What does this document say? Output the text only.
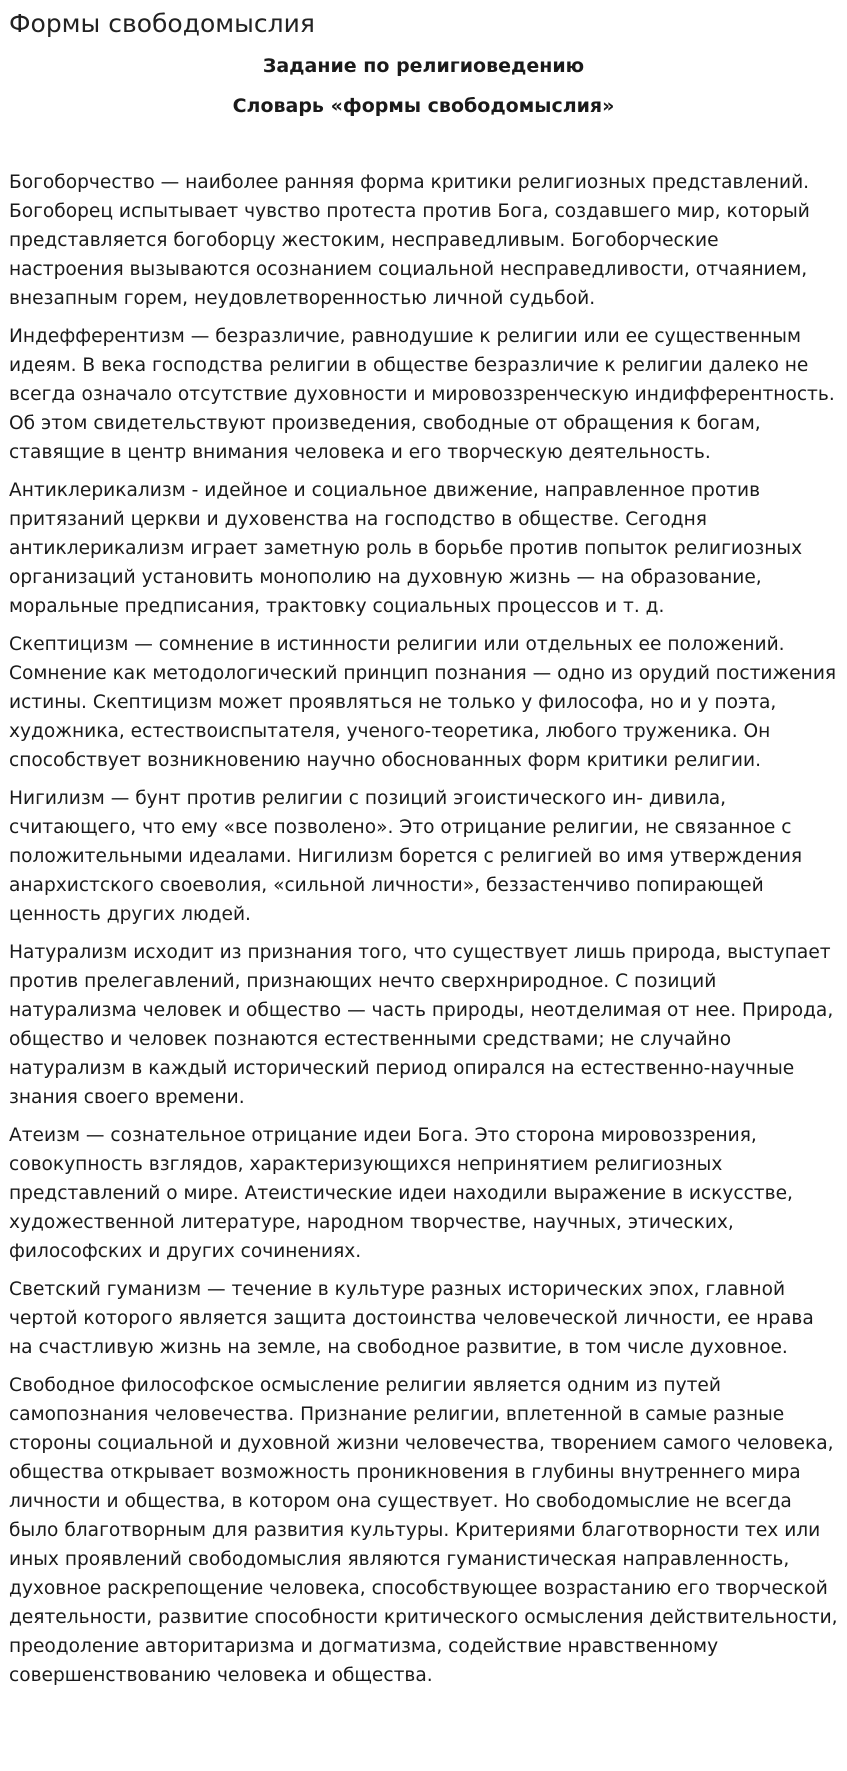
Формы свободомыслия

Задание по религиоведению

Словарь «формы свободомыслия»

Богоборчество — наиболее ранняя форма критики религиозных представлений. Богоборец испытывает чувство протеста против Бога, создавшего мир, который представляется богоборцу жестоким, несправедливым. Богоборческие настроения вызываются осознанием социальной несправедливости, отчаянием, внезапным горем, неудовлетворенностью личной судьбой.

Индефферентизм — безразличие, равнодушие к религии или ее существенным идеям. В века господства религии в обществе безразличие к религии далеко не всегда означало отсутствие духовности и мировоззренческую индифферентность. Об этом свидетельствуют произведения, свободные от обращения к богам, ставящие в центр внимания человека и его творческую деятельность.

Антиклерикализм - идейное и социальное движение, направленное против притязаний церкви и духовенства на господство в обществе. Сегодня антиклерикализм играет заметную роль в борьбе против попыток религиозных организаций установить монополию на духовную жизнь — на образование, моральные предписания, трактовку социальных процессов и т. д.

Скептицизм — сомнение в истинности религии или отдельных ее положений. Сомнение как методологический принцип познания — одно из орудий постижения истины. Скептицизм может проявляться не только у философа, но и у поэта, художника, естествоиспытателя, ученого-теоретика, любого труженика. Он способствует возникновению научно обоснованных форм критики религии.

Нигилизм — бунт против религии с позиций эгоистического ин- дивила, считающего, что ему «все позволено». Это отрицание религии, не связанное с положительными идеалами. Нигилизм борется с религией во имя утверждения анархистского своеволия, «сильной личности», беззастенчиво попирающей ценность других людей.

Натурализм исходит из признания того, что существует лишь природа, выступает против прелегавлений, признающих нечто сверхнриродное. С позиций натурализма человек и общество — часть природы, неотделимая от нее. Природа, общество и человек познаются естественными средствами; не случайно натурализм в каждый исторический период опирался на естественно-научные знания своего времени.

Атеизм — сознательное отрицание идеи Бога. Это сторона мировоззрения, совокупность взглядов, характеризующихся непринятием религиозных представлений о мире. Атеистические идеи находили выражение в искусстве, художественной литературе, народном творчестве, научных, этических, философских и других сочинениях.

Светский гуманизм — течение в культуре разных исторических эпох, главной чертой которого является защита достоинства человеческой личности, ее нрава на счастливую жизнь на земле, на свободное развитие, в том числе духовное.

Свободное философское осмысление религии является одним из путей самопознания человечества. Признание религии, вплетенной в самые разные стороны социальной и духовной жизни человечества, творением самого человека, общества открывает возможность проникновения в глубины внутреннего мира личности и общества, в котором она существует. Но свободомыслие не всегда было благотворным для развития культуры. Критериями благотворности тех или иных проявлений свободомыслия являются гуманистическая направленность, духовное раскрепощение человека, способствующее возрастанию его творческой деятельности, развитие способности критического осмысления действительности, преодоление авторитаризма и догматизма, содействие нравственному совершенствованию человека и общества.
